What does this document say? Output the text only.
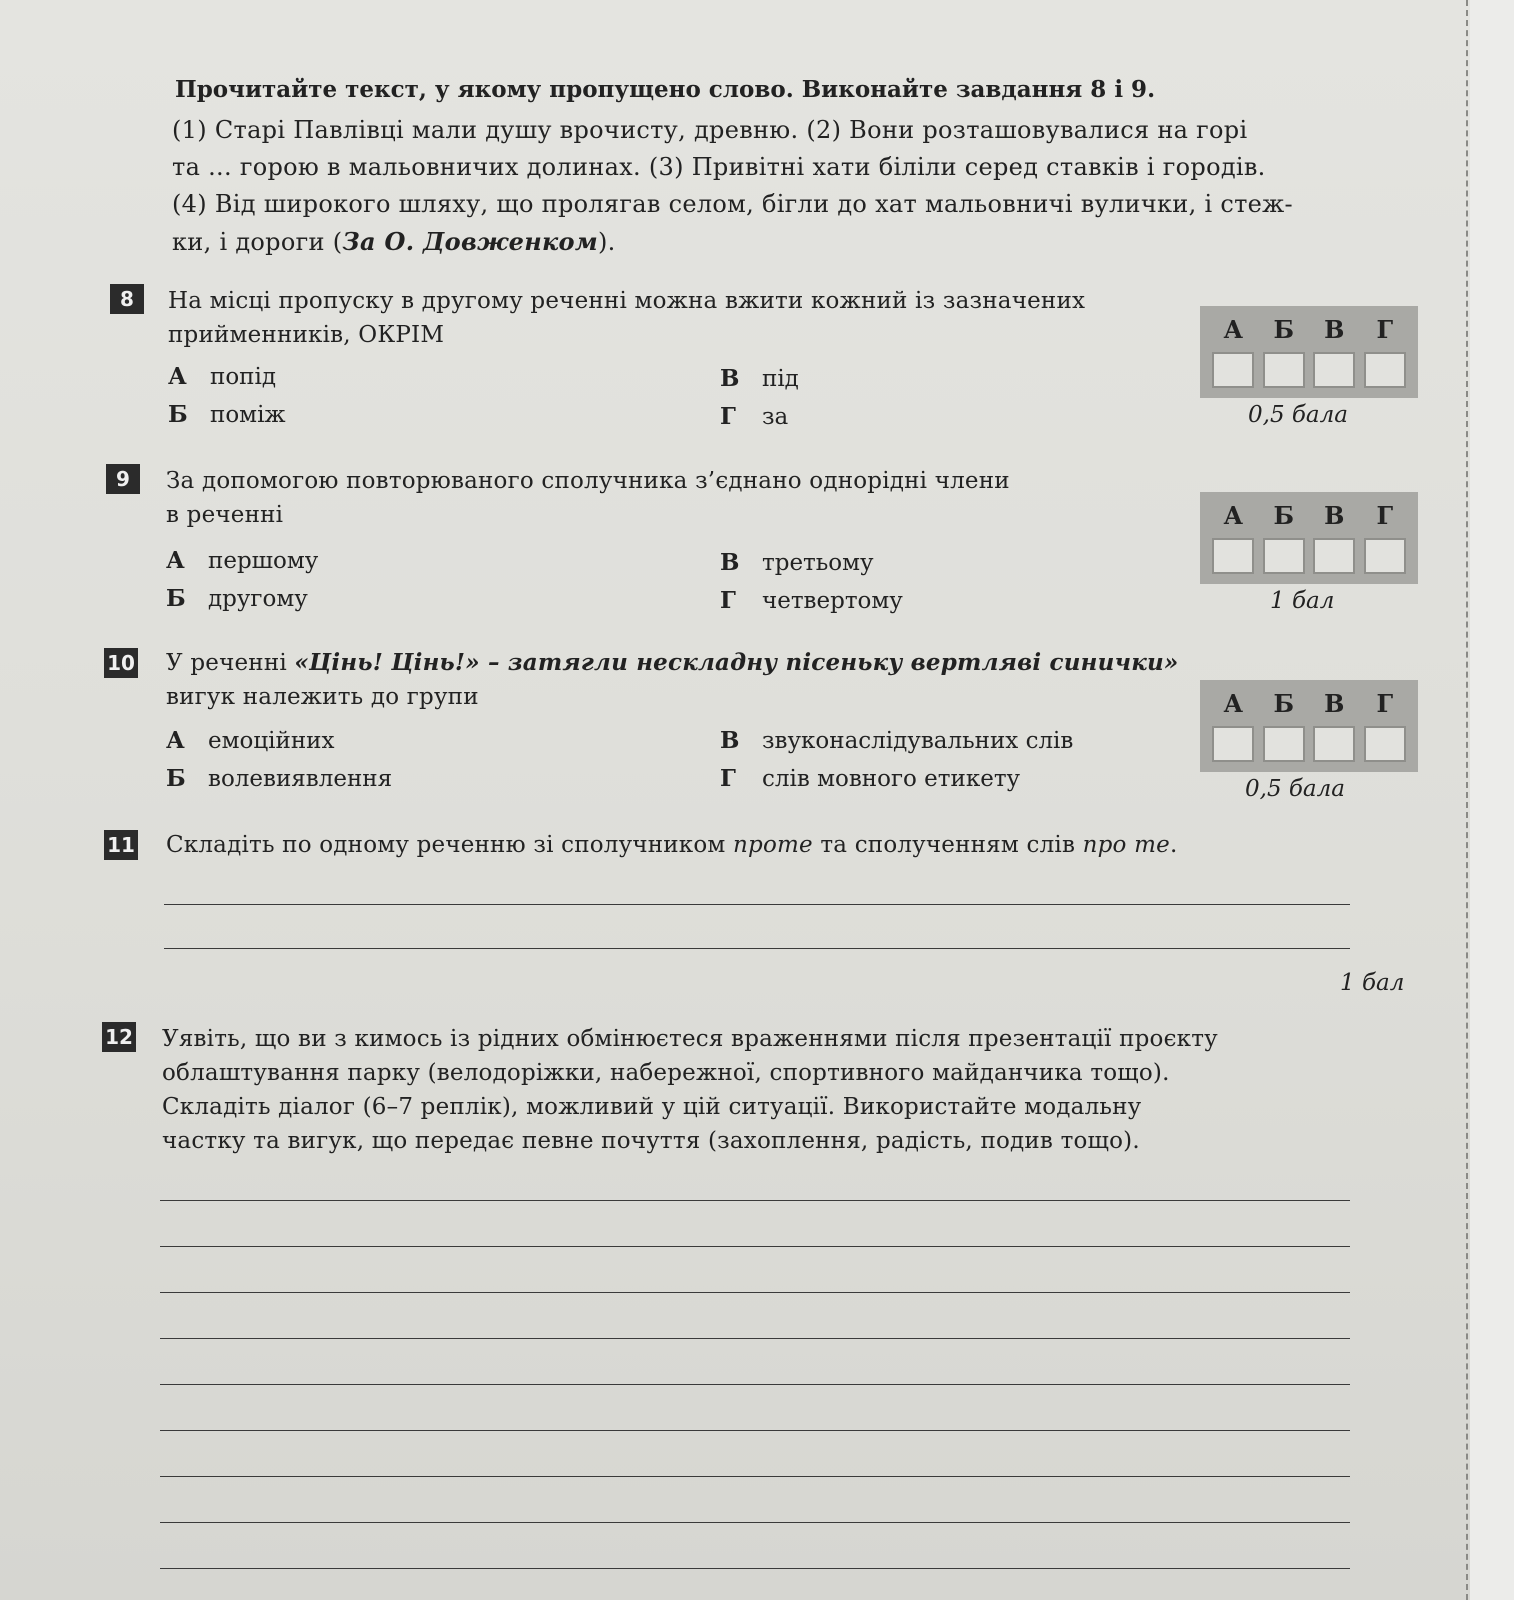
Прочитайте текст, у якому пропущено слово. Виконайте завдання 8 і 9.
(1) Старі Павлівці мали душу врочисту, древню. (2) Вони розташовувалися на горі
та ... горою в мальовничих долинах. (3) Привітні хати біліли серед ставків і городів.
(4) Від широкого шляху, що пролягав селом, бігли до хат мальовничі вулички, і стеж-
ки, і дороги (За О. Довженком).
8	На місці пропуску в другому реченні можна вжити кожний із зазначених
прийменників, ОКРІМ
А попід
Б поміж
В під
Г за
А	Б	В	Г
0,5 бала
9	За допомогою повторюваного сполучника з’єднано однорідні члени
в реченні
А першому
Б другому
В третьому
Г четвертому
А	Б	В	Г
1 бал
10 У реченні «Цінь! Цінь!» – затягли нескладну пісеньку вертляві синички»
вигук належить до групи
А емоційних
Б волевиявлення
В звуконаслідувальних слів
Г слів мовного етикету
А	Б	В	Г
0,5 бала
11 Складіть по одному реченню зі сполучником проте та сполученням слів про те.
1 бал
12 Уявіть, що ви з кимось із рідних обмінюєтеся враженнями після презентації проєкту
облаштування парку (велодоріжки, набережної, спортивного майданчика тощо).
Складіть діалог (6–7 реплік), можливий у цій ситуації. Використайте модальну
частку та вигук, що передає певне почуття (захоплення, радість, подив тощо).
